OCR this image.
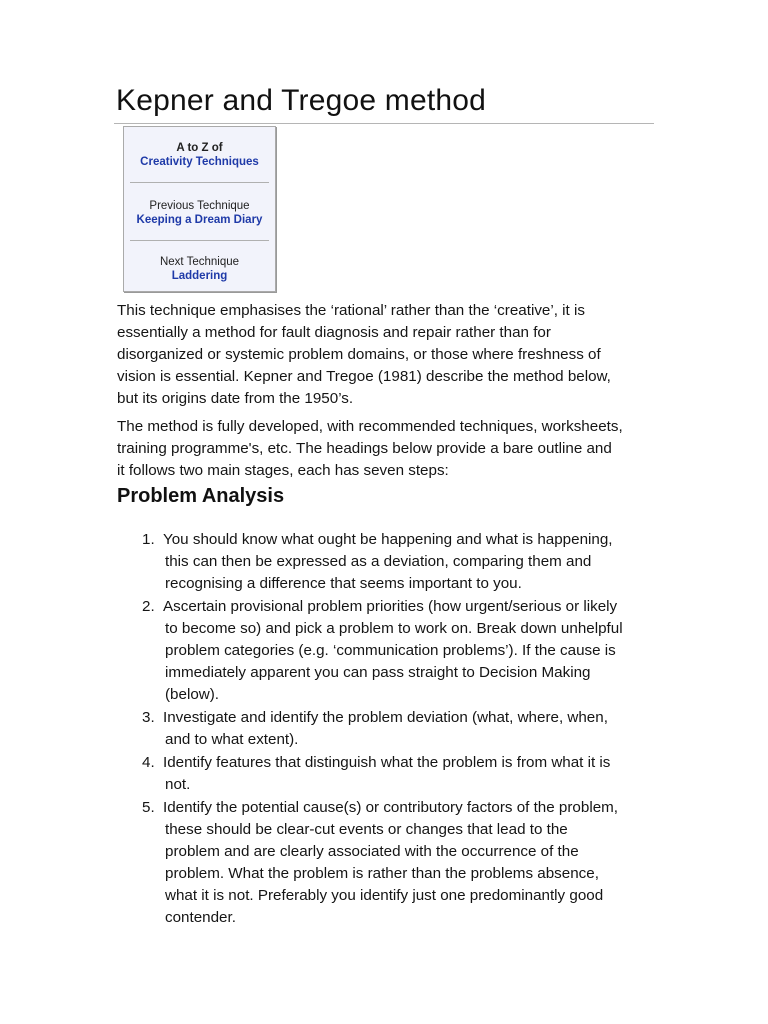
Kepner and Tregoe method
A to Z of
Creativity Techniques
Previous Technique
Keeping a Dream Diary
Next Technique
Laddering
This technique emphasises the ‘rational’ rather than the ‘creative’, it is
essentially a method for fault diagnosis and repair rather than for
disorganized or systemic problem domains, or those where freshness of
vision is essential. Kepner and Tregoe (1981) describe the method below,
but its origins date from the 1950’s.
The method is fully developed, with recommended techniques, worksheets,
training programme's, etc. The headings below provide a bare outline and
it follows two main stages, each has seven steps:
Problem Analysis
1. You should know what ought be happening and what is happening,
this can then be expressed as a deviation, comparing them and
recognising a difference that seems important to you.
2. Ascertain provisional problem priorities (how urgent/serious or likely
to become so) and pick a problem to work on. Break down unhelpful
problem categories (e.g. ‘communication problems’). If the cause is
immediately apparent you can pass straight to Decision Making
(below).
3. Investigate and identify the problem deviation (what, where, when,
and to what extent).
4. Identify features that distinguish what the problem is from what it is
not.
5. Identify the potential cause(s) or contributory factors of the problem,
these should be clear-cut events or changes that lead to the
problem and are clearly associated with the occurrence of the
problem. What the problem is rather than the problems absence,
what it is not. Preferably you identify just one predominantly good
contender.
